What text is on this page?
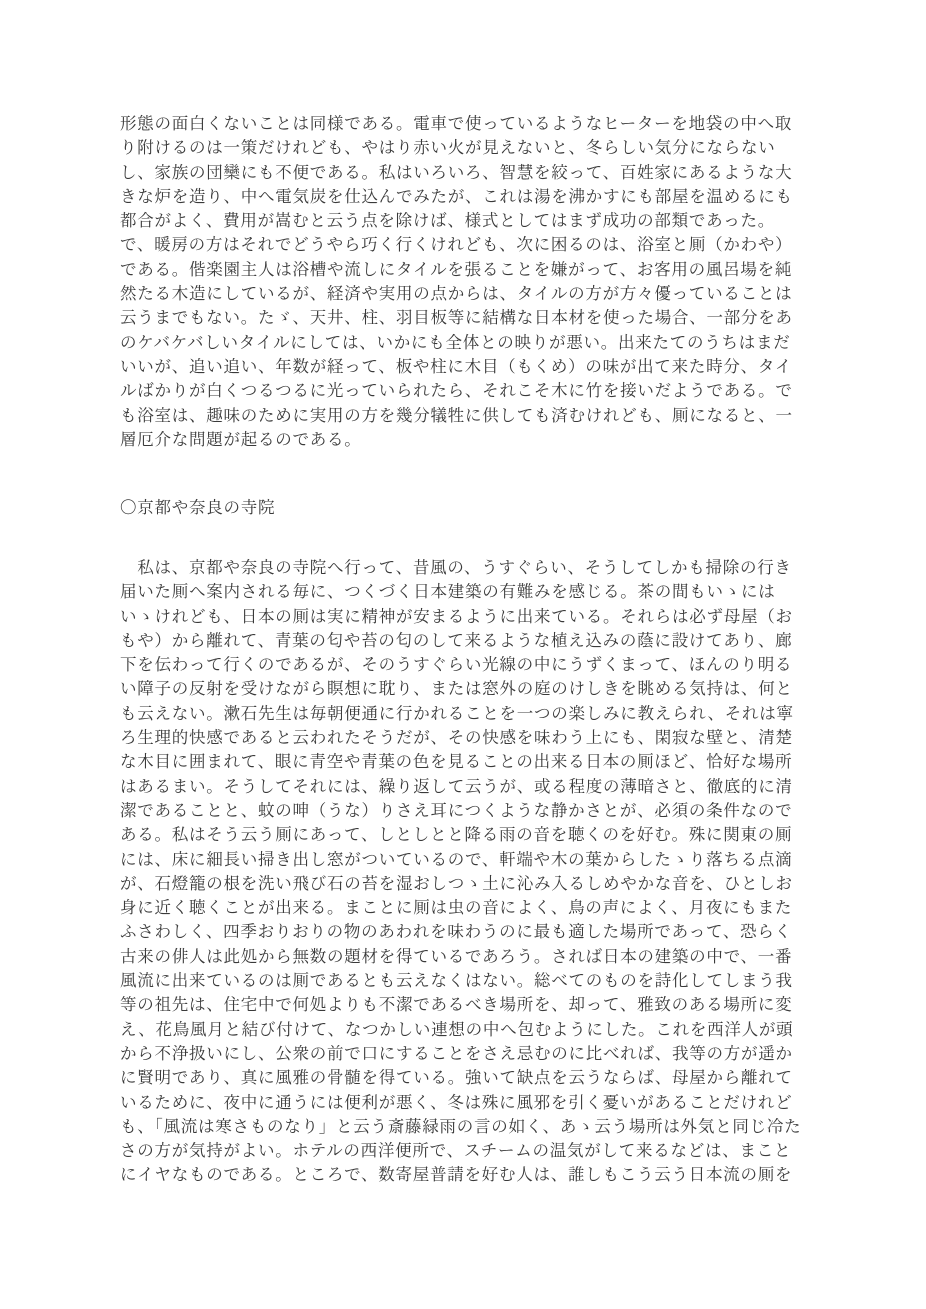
形態の面白くないことは同様である。電車で使っているようなヒーターを地袋の中へ取
り附けるのは一策だけれども、やはり赤い火が見えないと、冬らしい気分にならない
し、家族の団欒にも不便である。私はいろいろ、智慧を絞って、百姓家にあるような大
きな炉を造り、中へ電気炭を仕込んでみたが、これは湯を沸かすにも部屋を温めるにも
都合がよく、費用が嵩むと云う点を除けば、様式としてはまず成功の部類であった。
で、暖房の方はそれでどうやら巧く行くけれども、次に困るのは、浴室と厠（かわや）
である。偕楽園主人は浴槽や流しにタイルを張ることを嫌がって、お客用の風呂場を純
然たる木造にしているが、経済や実用の点からは、タイルの方が方々優っていることは
云うまでもない。たゞ、天井、柱、羽目板等に結構な日本材を使った場合、一部分をあ
のケバケバしいタイルにしては、いかにも全体との映りが悪い。出来たてのうちはまだ
いいが、追い追い、年数が経って、板や柱に木目（もくめ）の味が出て来た時分、タイ
ルばかりが白くつるつるに光っていられたら、それこそ木に竹を接いだようである。で
も浴室は、趣味のために実用の方を幾分犠牲に供しても済むけれども、厠になると、一
層厄介な問題が起るのである。
〇京都や奈良の寺院
　私は、京都や奈良の寺院へ行って、昔風の、うすぐらい、そうしてしかも掃除の行き
届いた厠へ案内される毎に、つくづく日本建築の有難みを感じる。茶の間もいゝには
いゝけれども、日本の厠は実に精神が安まるように出来ている。それらは必ず母屋（お
もや）から離れて、青葉の匂や苔の匂のして来るような植え込みの蔭に設けてあり、廊
下を伝わって行くのであるが、そのうすぐらい光線の中にうずくまって、ほんのり明る
い障子の反射を受けながら瞑想に耽り、または窓外の庭のけしきを眺める気持は、何と
も云えない。漱石先生は毎朝便通に行かれることを一つの楽しみに教えられ、それは寧
ろ生理的快感であると云われたそうだが、その快感を味わう上にも、閑寂な壁と、清楚
な木目に囲まれて、眼に青空や青葉の色を見ることの出来る日本の厠ほど、恰好な場所
はあるまい。そうしてそれには、繰り返して云うが、或る程度の薄暗さと、徹底的に清
潔であることと、蚊の呻（うな）りさえ耳につくような静かさとが、必須の条件なので
ある。私はそう云う厠にあって、しとしとと降る雨の音を聴くのを好む。殊に関東の厠
には、床に細長い掃き出し窓がついているので、軒端や木の葉からしたゝり落ちる点滴
が、石燈籠の根を洗い飛び石の苔を湿おしつゝ土に沁み入るしめやかな音を、ひとしお
身に近く聴くことが出来る。まことに厠は虫の音によく、鳥の声によく、月夜にもまた
ふさわしく、四季おりおりの物のあわれを味わうのに最も適した場所であって、恐らく
古来の俳人は此処から無数の題材を得ているであろう。されば日本の建築の中で、一番
風流に出来ているのは厠であるとも云えなくはない。総べてのものを詩化してしまう我
等の祖先は、住宅中で何処よりも不潔であるべき場所を、却って、雅致のある場所に変
え、花鳥風月と結び付けて、なつかしい連想の中へ包むようにした。これを西洋人が頭
から不浄扱いにし、公衆の前で口にすることをさえ忌むのに比べれば、我等の方が遥か
に賢明であり、真に風雅の骨髄を得ている。強いて缺点を云うならば、母屋から離れて
いるために、夜中に通うには便利が悪く、冬は殊に風邪を引く憂いがあることだけれど
も、「風流は寒さものなり」と云う斎藤緑雨の言の如く、あゝ云う場所は外気と同じ冷た
さの方が気持がよい。ホテルの西洋便所で、スチームの温気がして来るなどは、まこと
にイヤなものである。ところで、数寄屋普請を好む人は、誰しもこう云う日本流の厠を
